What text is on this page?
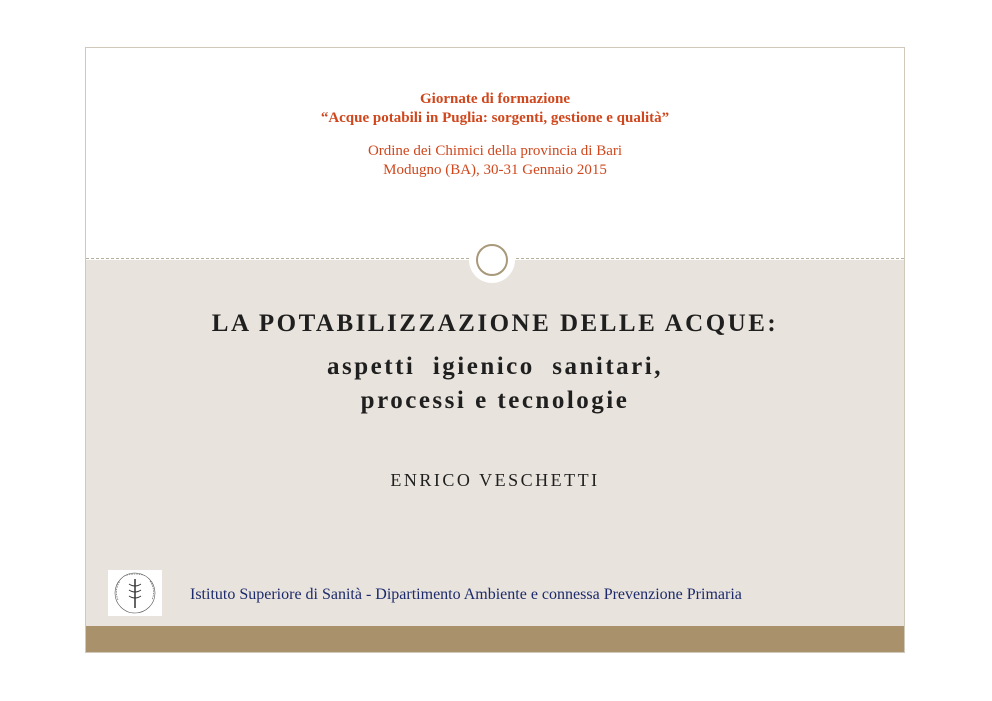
Giornate di formazione
“Acque potabili in Puglia: sorgenti, gestione e qualità”
Ordine dei Chimici della provincia di Bari
Modugno (BA), 30-31 Gennaio 2015
LA POTABILIZZAZIONE DELLE ACQUE:
aspetti  igienico  sanitari,
processi e tecnologie
ENRICO VESCHETTI
Istituto Superiore di Sanità - Dipartimento Ambiente e connessa Prevenzione Primaria
